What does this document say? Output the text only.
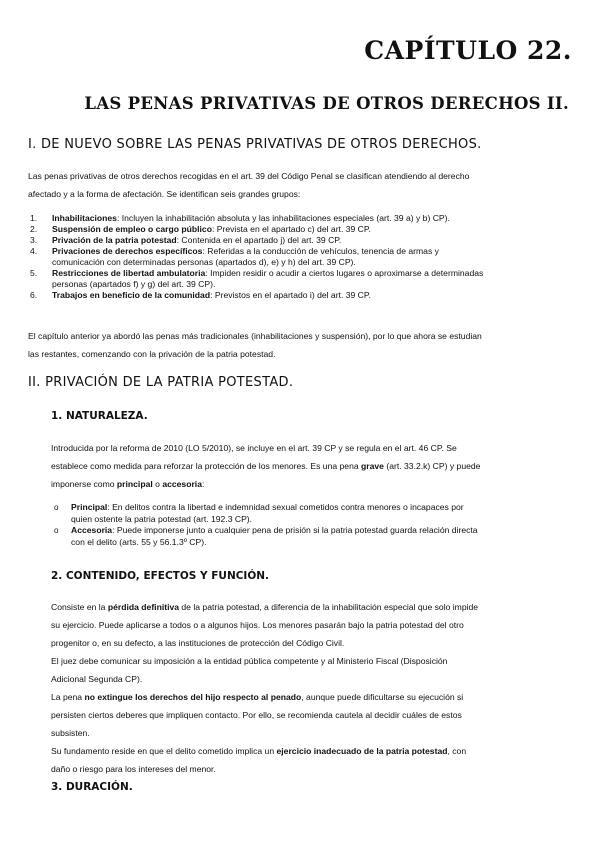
CAPÍTULO 22.
LAS PENAS PRIVATIVAS DE OTROS DERECHOS II.
I. DE NUEVO SOBRE LAS PENAS PRIVATIVAS DE OTROS DERECHOS.

Las penas privativas de otros derechos recogidas en el art. 39 del Código Penal se clasifican atendiendo al derecho
afectado y a la forma de afectación. Se identifican seis grandes grupos:

1.	Inhabilitaciones: Incluyen la inhabilitación absoluta y las inhabilitaciones especiales (art. 39 a) y b) CP).
2.	Suspensión de empleo o cargo público: Prevista en el apartado c) del art. 39 CP.
3.	Privación de la patria potestad: Contenida en el apartado j) del art. 39 CP.
4.	Privaciones de derechos específicos: Referidas a la conducción de vehículos, tenencia de armas y
comunicación con determinadas personas (apartados d), e) y h) del art. 39 CP).
5.	Restricciones de libertad ambulatoria: Impiden residir o acudir a ciertos lugares o aproximarse a determinadas
personas (apartados f) y g) del art. 39 CP).
6.	Trabajos en beneficio de la comunidad: Previstos en el apartado i) del art. 39 CP.

El capítulo anterior ya abordó las penas más tradicionales (inhabilitaciones y suspensión), por lo que ahora se estudian
las restantes, comenzando con la privación de la patria potestad.

II. PRIVACIÓN DE LA PATRIA POTESTAD.
1. NATURALEZA.

Introducida por la reforma de 2010 (LO 5/2010), se incluye en el art. 39 CP y se regula en el art. 46 CP. Se
establece como medida para reforzar la protección de los menores. Es una pena grave (art. 33.2.k) CP) y puede
imponerse como principal o accesoria:

o	Principal: En delitos contra la libertad e indemnidad sexual cometidos contra menores o incapaces por
quien ostente la patria potestad (art. 192.3 CP).
o	Accesoria: Puede imponerse junto a cualquier pena de prisión si la patria potestad guarda relación directa
con el delito (arts. 55 y 56.1.3º CP).
2. CONTENIDO, EFECTOS Y FUNCIÓN.

Consiste en la pérdida definitiva de la patria potestad, a diferencia de la inhabilitación especial que solo impide
su ejercicio. Puede aplicarse a todos o a algunos hijos. Los menores pasarán bajo la patria potestad del otro
progenitor o, en su defecto, a las instituciones de protección del Código Civil.
El juez debe comunicar su imposición a la entidad pública competente y al Ministerio Fiscal (Disposición
Adicional Segunda CP).
La pena no extingue los derechos del hijo respecto al penado, aunque puede dificultarse su ejecución si
persisten ciertos deberes que impliquen contacto. Por ello, se recomienda cautela al decidir cuáles de estos
subsisten.
Su fundamento reside en que el delito cometido implica un ejercicio inadecuado de la patria potestad, con
daño o riesgo para los intereses del menor.

3. DURACIÓN.
